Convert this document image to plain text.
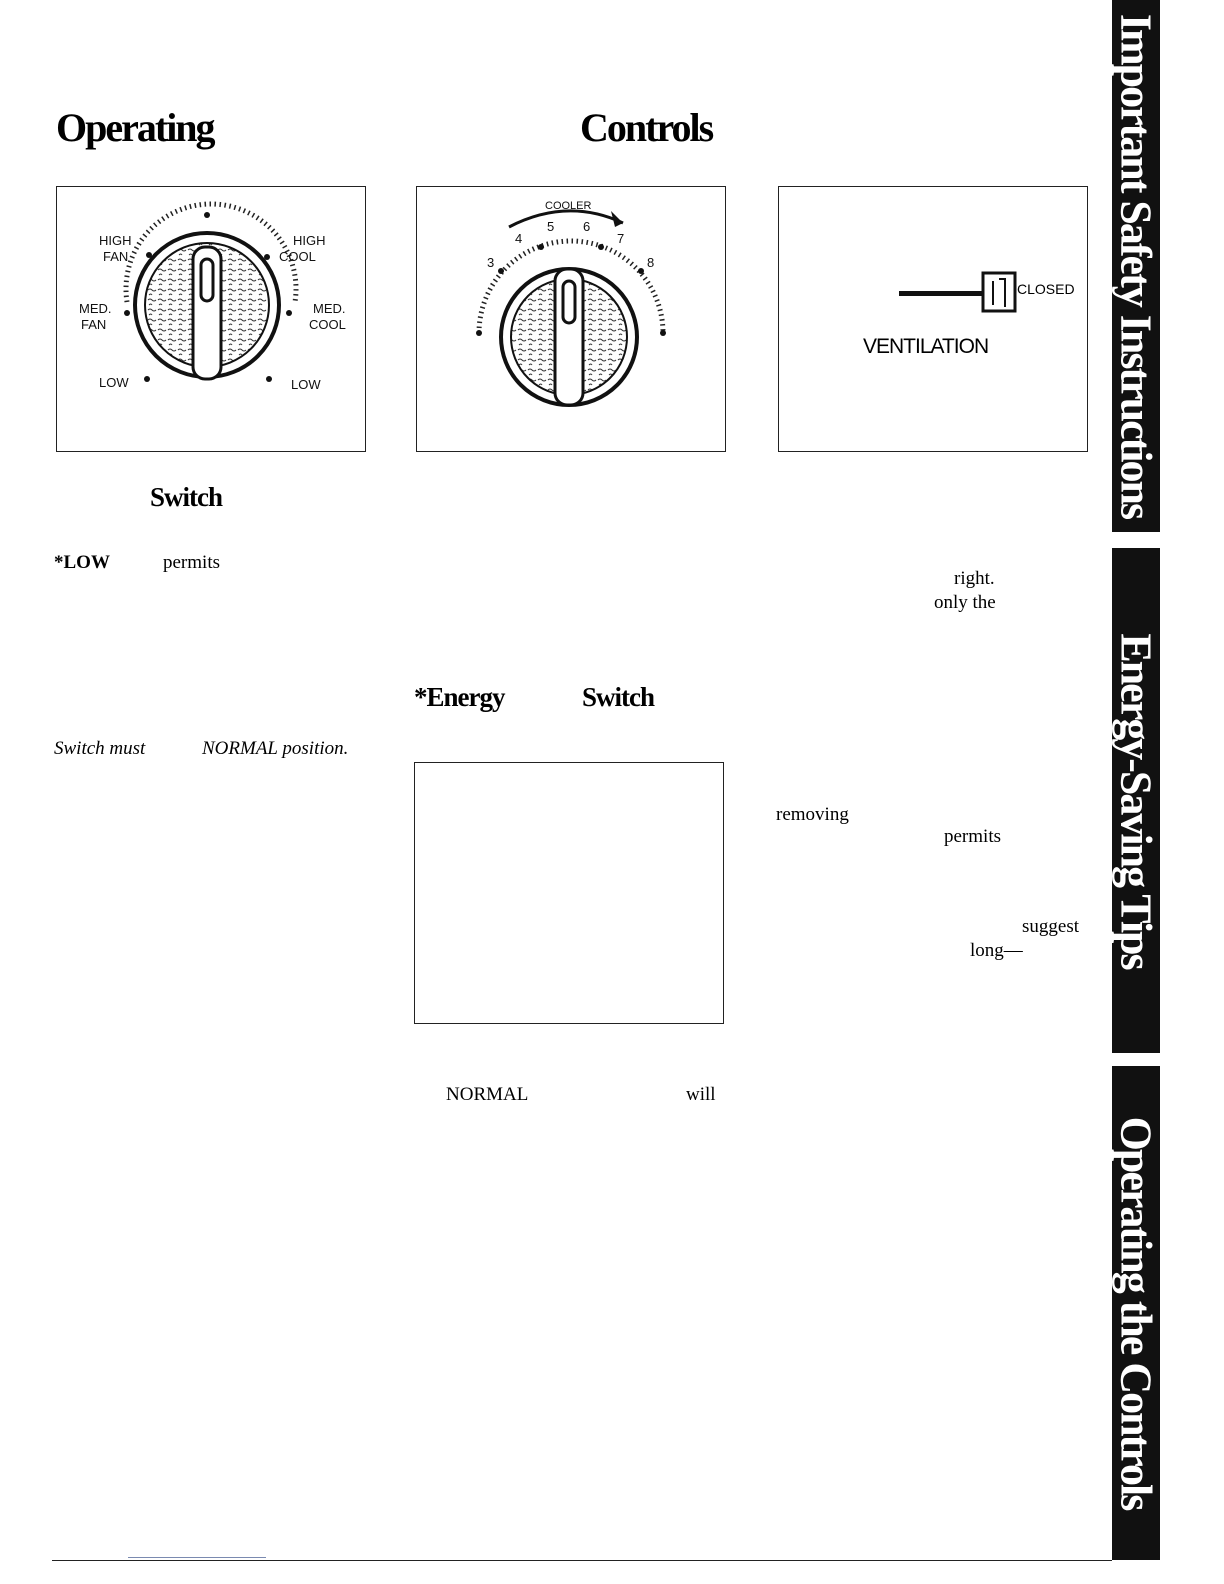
Operating	Controls
HIGH
FAN
MED.
FAN
LOW
HIGH
COOL
MED.
COOL
LOW
COOLER
3
4
5 6
7
8
CLOSED
VENTILATION
Switch
*LOW	permits
Switch must	NORMAL position.
*Energy	Switch
NORMAL	will
right.
only the
removing
permits
suggest
long—
Important Safety Instructions
Energy-Saving Tips
Operating the Controls
